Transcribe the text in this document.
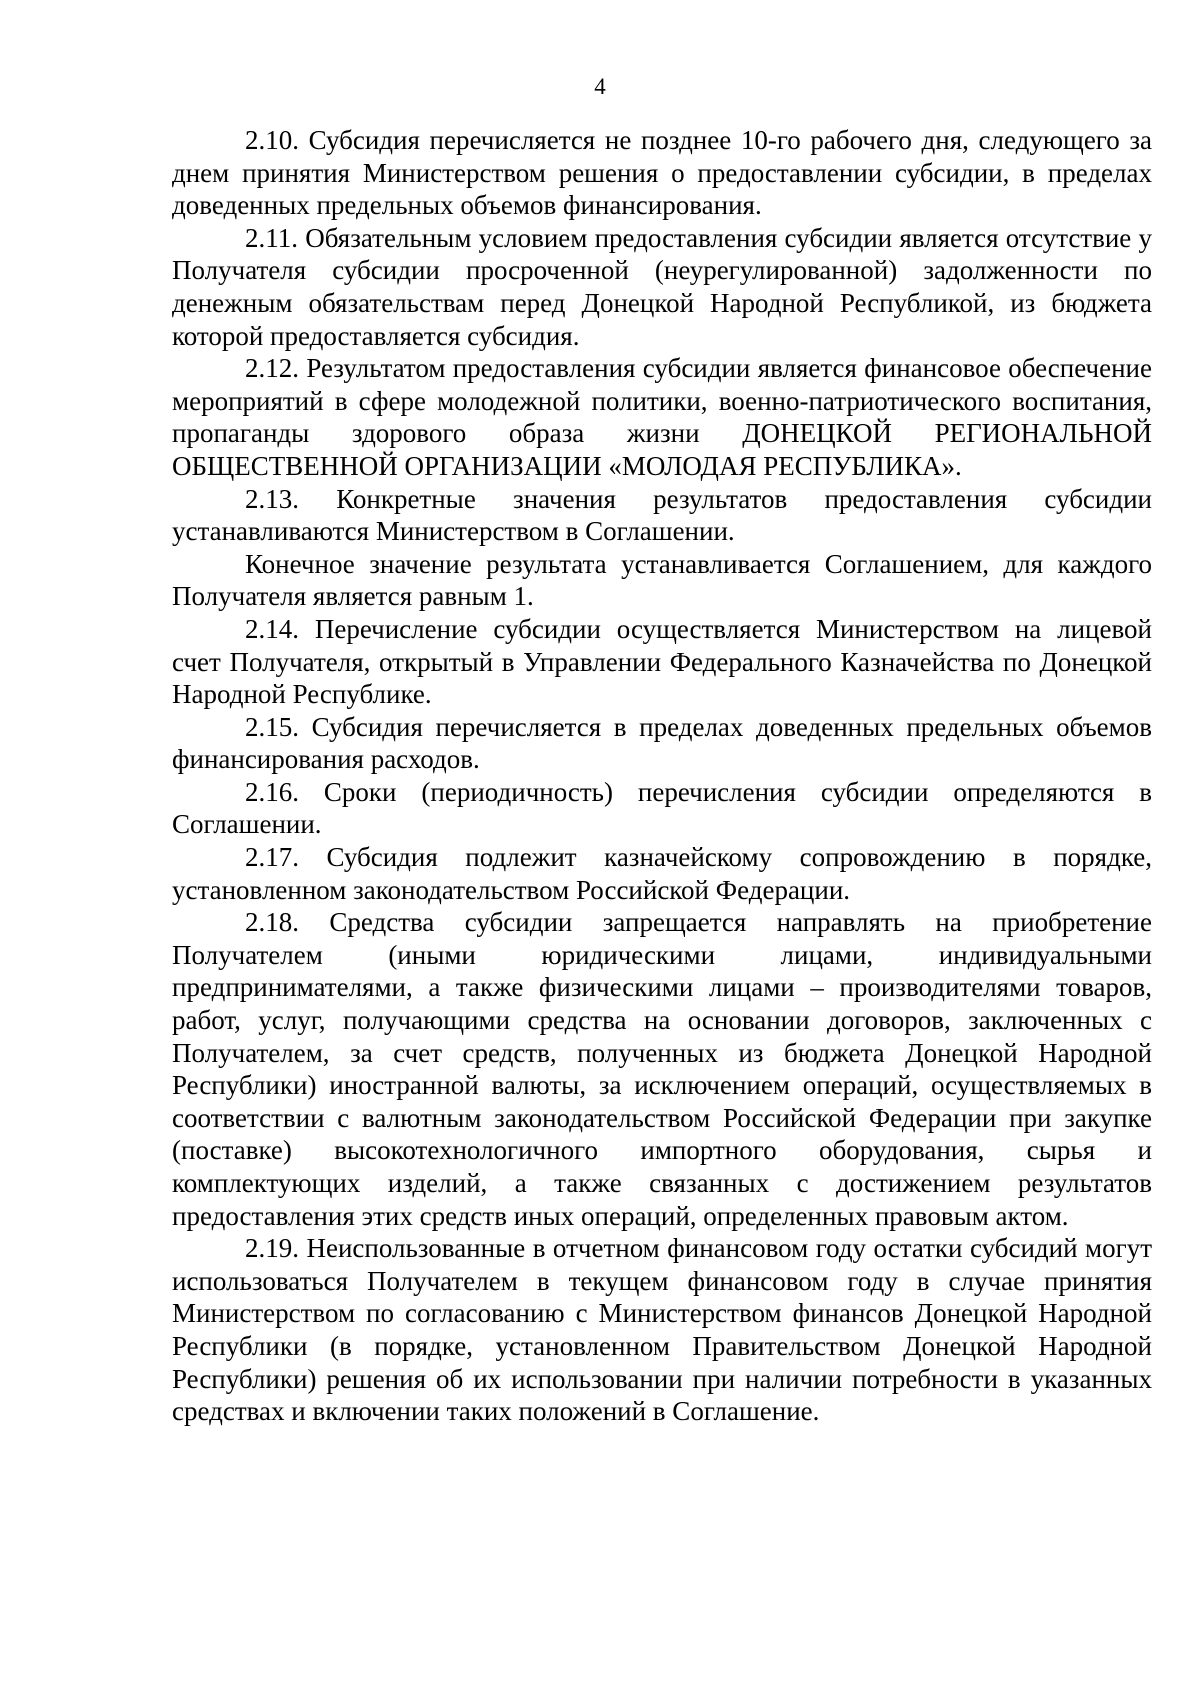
4

2.10. Субсидия перечисляется не позднее 10-го рабочего дня, следующего за днем принятия Министерством решения о предоставлении субсидии, в пределах доведенных предельных объемов финансирования.

2.11. Обязательным условием предоставления субсидии является отсутствие у Получателя субсидии просроченной (неурегулированной) задолженности по денежным обязательствам перед Донецкой Народной Республикой, из бюджета которой предоставляется субсидия.

2.12. Результатом предоставления субсидии является финансовое обеспечение мероприятий в сфере молодежной политики, военно-патриотического воспитания, пропаганды здорового образа жизни ДОНЕЦКОЙ РЕГИОНАЛЬНОЙ ОБЩЕСТВЕННОЙ ОРГАНИЗАЦИИ «МОЛОДАЯ РЕСПУБЛИКА».

2.13. Конкретные значения результатов предоставления субсидии устанавливаются Министерством в Соглашении.

Конечное значение результата устанавливается Соглашением, для каждого Получателя является равным 1.

2.14. Перечисление субсидии осуществляется Министерством на лицевой счет Получателя, открытый в Управлении Федерального Казначейства по Донецкой Народной Республике.

2.15. Субсидия перечисляется в пределах доведенных предельных объемов финансирования расходов.

2.16. Сроки (периодичность) перечисления субсидии определяются в Соглашении.

2.17. Субсидия подлежит казначейскому сопровождению в порядке, установленном законодательством Российской Федерации.

2.18. Средства субсидии запрещается направлять на приобретение Получателем (иными юридическими лицами, индивидуальными предпринимателями, а также физическими лицами – производителями товаров, работ, услуг, получающими средства на основании договоров, заключенных с Получателем, за счет средств, полученных из бюджета Донецкой Народной Республики) иностранной валюты, за исключением операций, осуществляемых в соответствии с валютным законодательством Российской Федерации при закупке (поставке) высокотехнологичного импортного оборудования, сырья и комплектующих изделий, а также связанных с достижением результатов предоставления этих средств иных операций, определенных правовым актом.

2.19. Неиспользованные в отчетном финансовом году остатки субсидий могут использоваться Получателем в текущем финансовом году в случае принятия Министерством по согласованию с Министерством финансов Донецкой Народной Республики (в порядке, установленном Правительством Донецкой Народной Республики) решения об их использовании при наличии потребности в указанных средствах и включении таких положений в Соглашение.
